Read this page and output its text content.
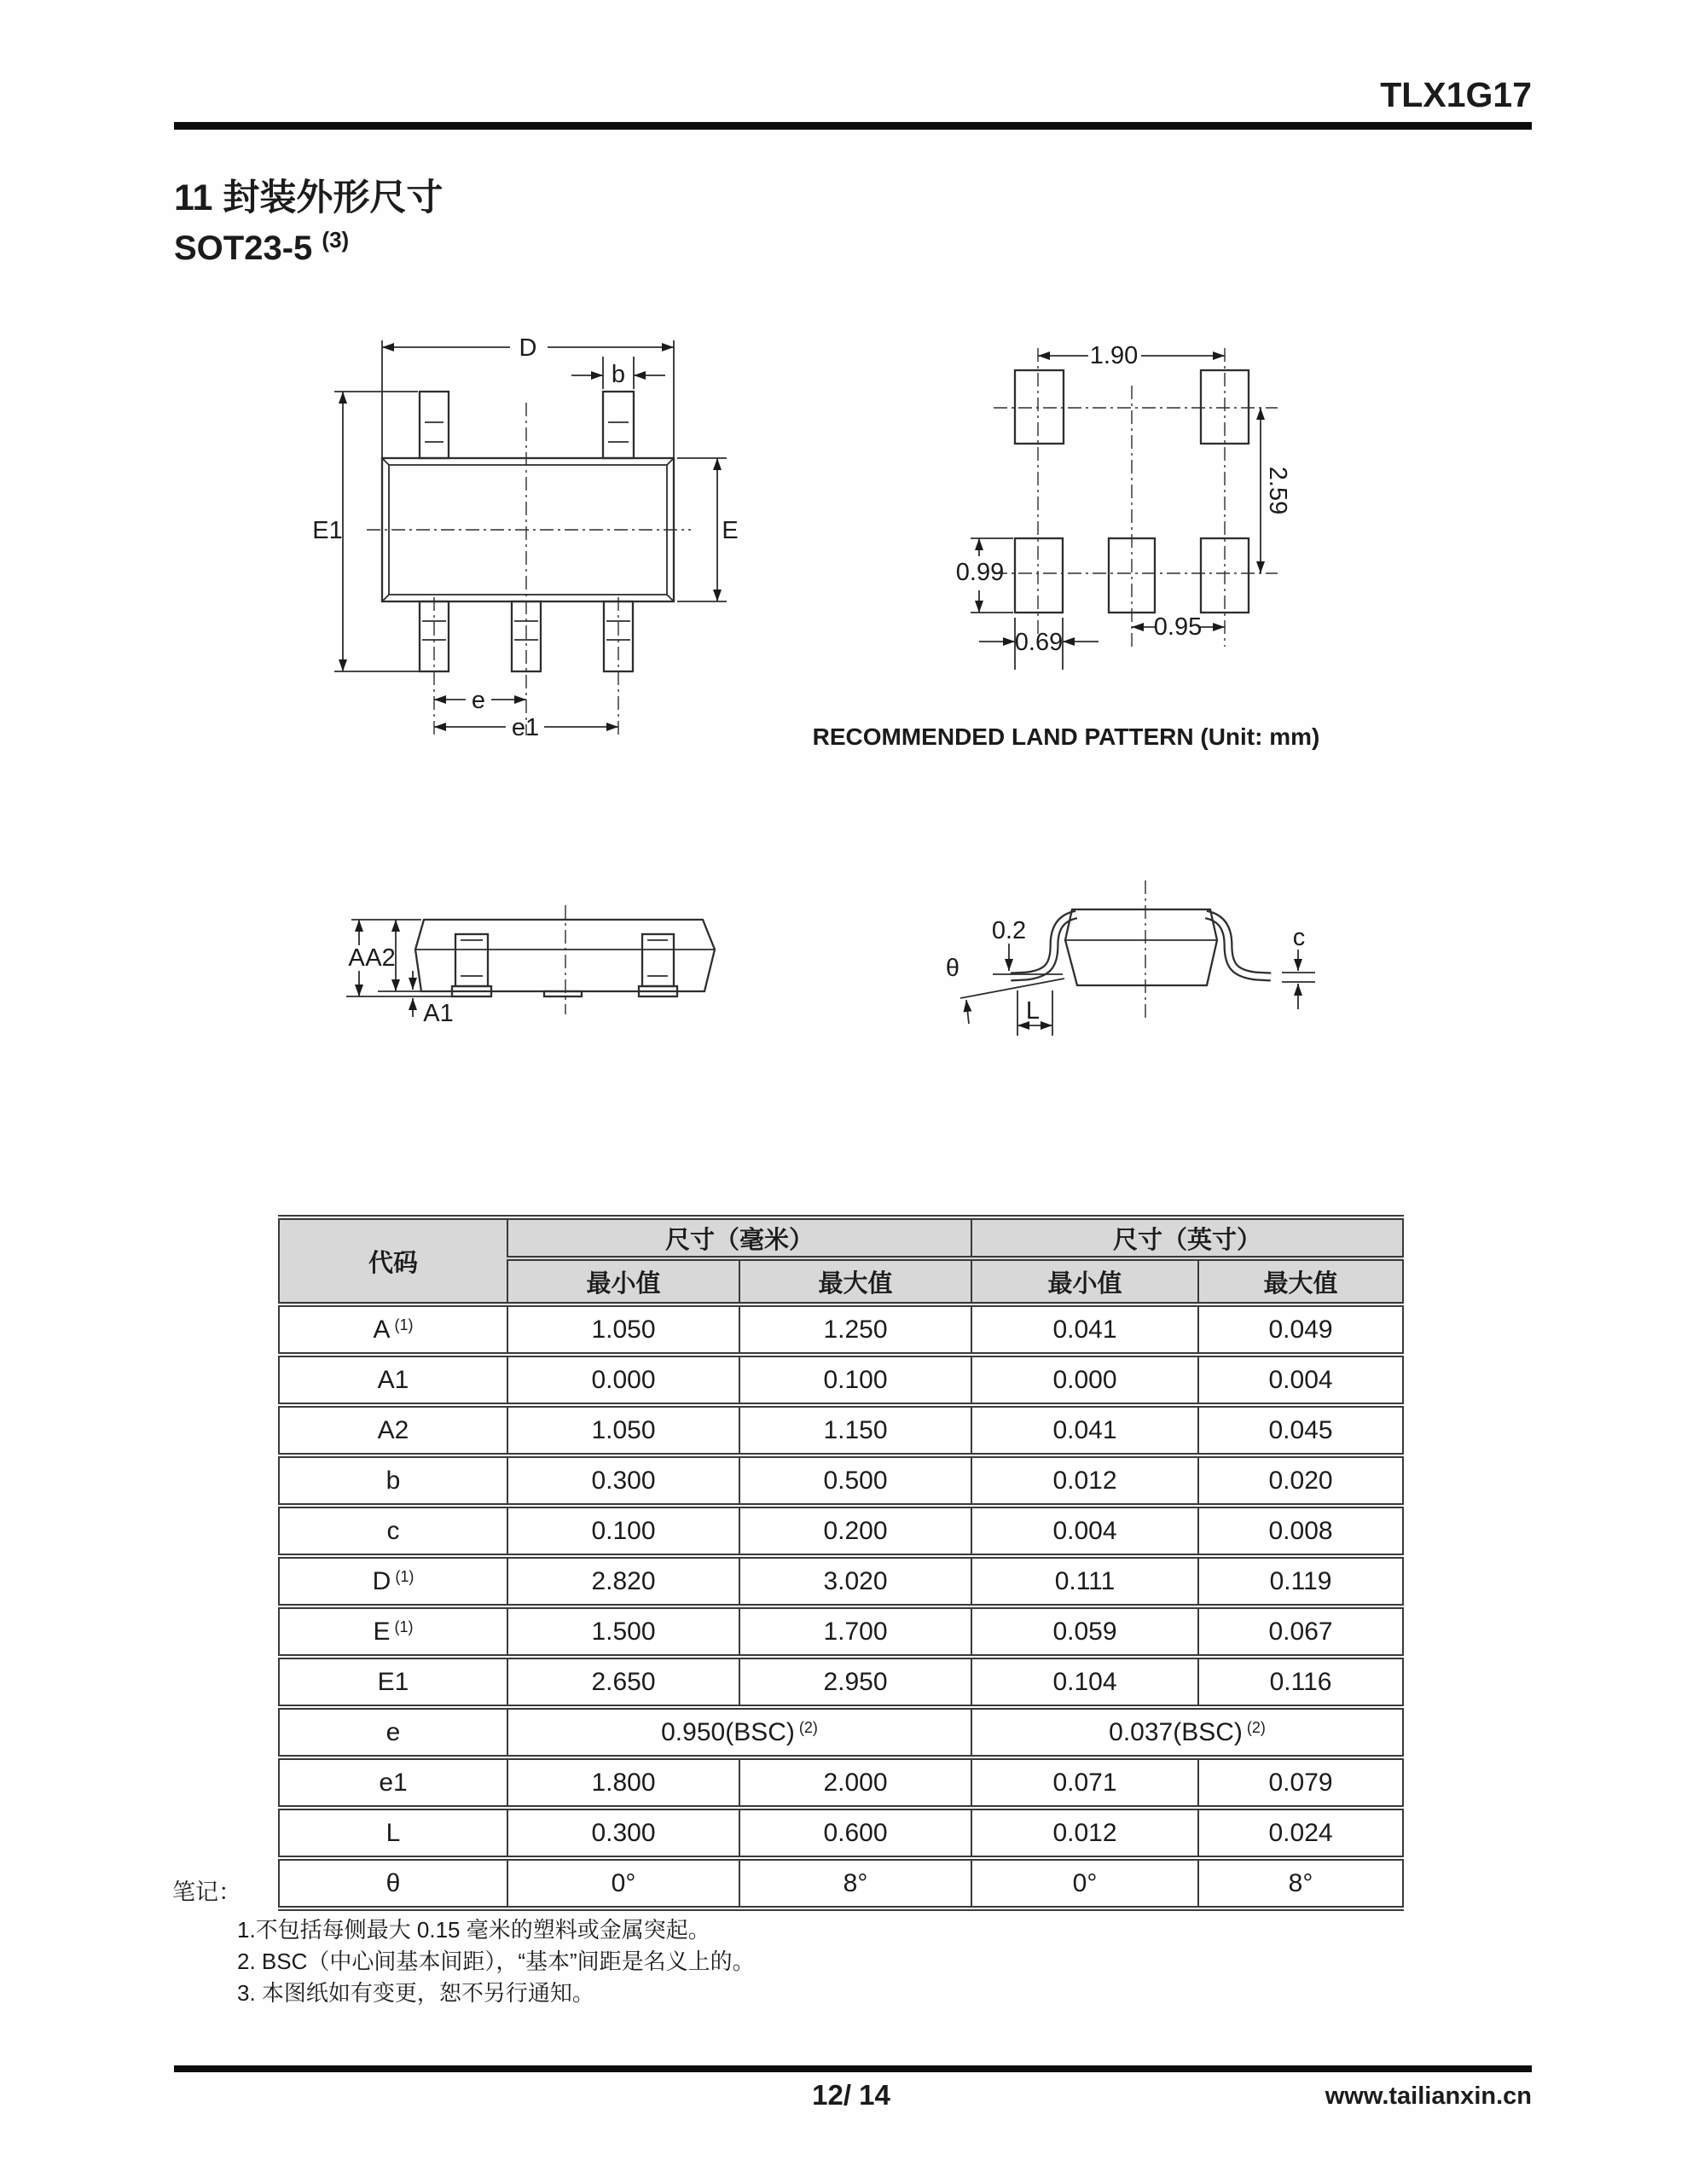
TLX1G17
11 封装外形尺寸
SOT23-5 $^{(3)}$
D
b
E1	E
e
e1
1.90
2.59
0.99
0.69
0.95
RECOMMENDED LAND PATTERN (Unit: mm)
A A2
A1
0.2
θ
L
c
代码	尺寸（毫米）		尺寸（英寸）	
	最小值	最大值	最小值	最大值
A $^{(1)}$	1.050	1.250	0.041	0.049
A1	0.000	0.100	0.000	0.004
A2	1.050	1.150	0.041	0.045
b	0.300	0.500	0.012	0.020
c	0.100	0.200	0.004	0.008
D $^{(1)}$	2.820	3.020	0.111	0.119
E $^{(1)}$	1.500	1.700	0.059	0.067
E1	2.650	2.950	0.104	0.116
e	0.950(BSC) $^{(2)}$		0.037(BSC) $^{(2)}$
e1	1.800	2.000	0.071	0.079
L	0.300	0.600	0.012	0.024
θ	0°	8°	0°	8°
笔记：
1.不包括每侧最大 0.15 毫米的塑料或金属突起。
2. BSC（中心间基本间距），“基本”间距是名义上的。
3. 本图纸如有变更，恕不另行通知。
12/ 14	www.tailianxin.cn
